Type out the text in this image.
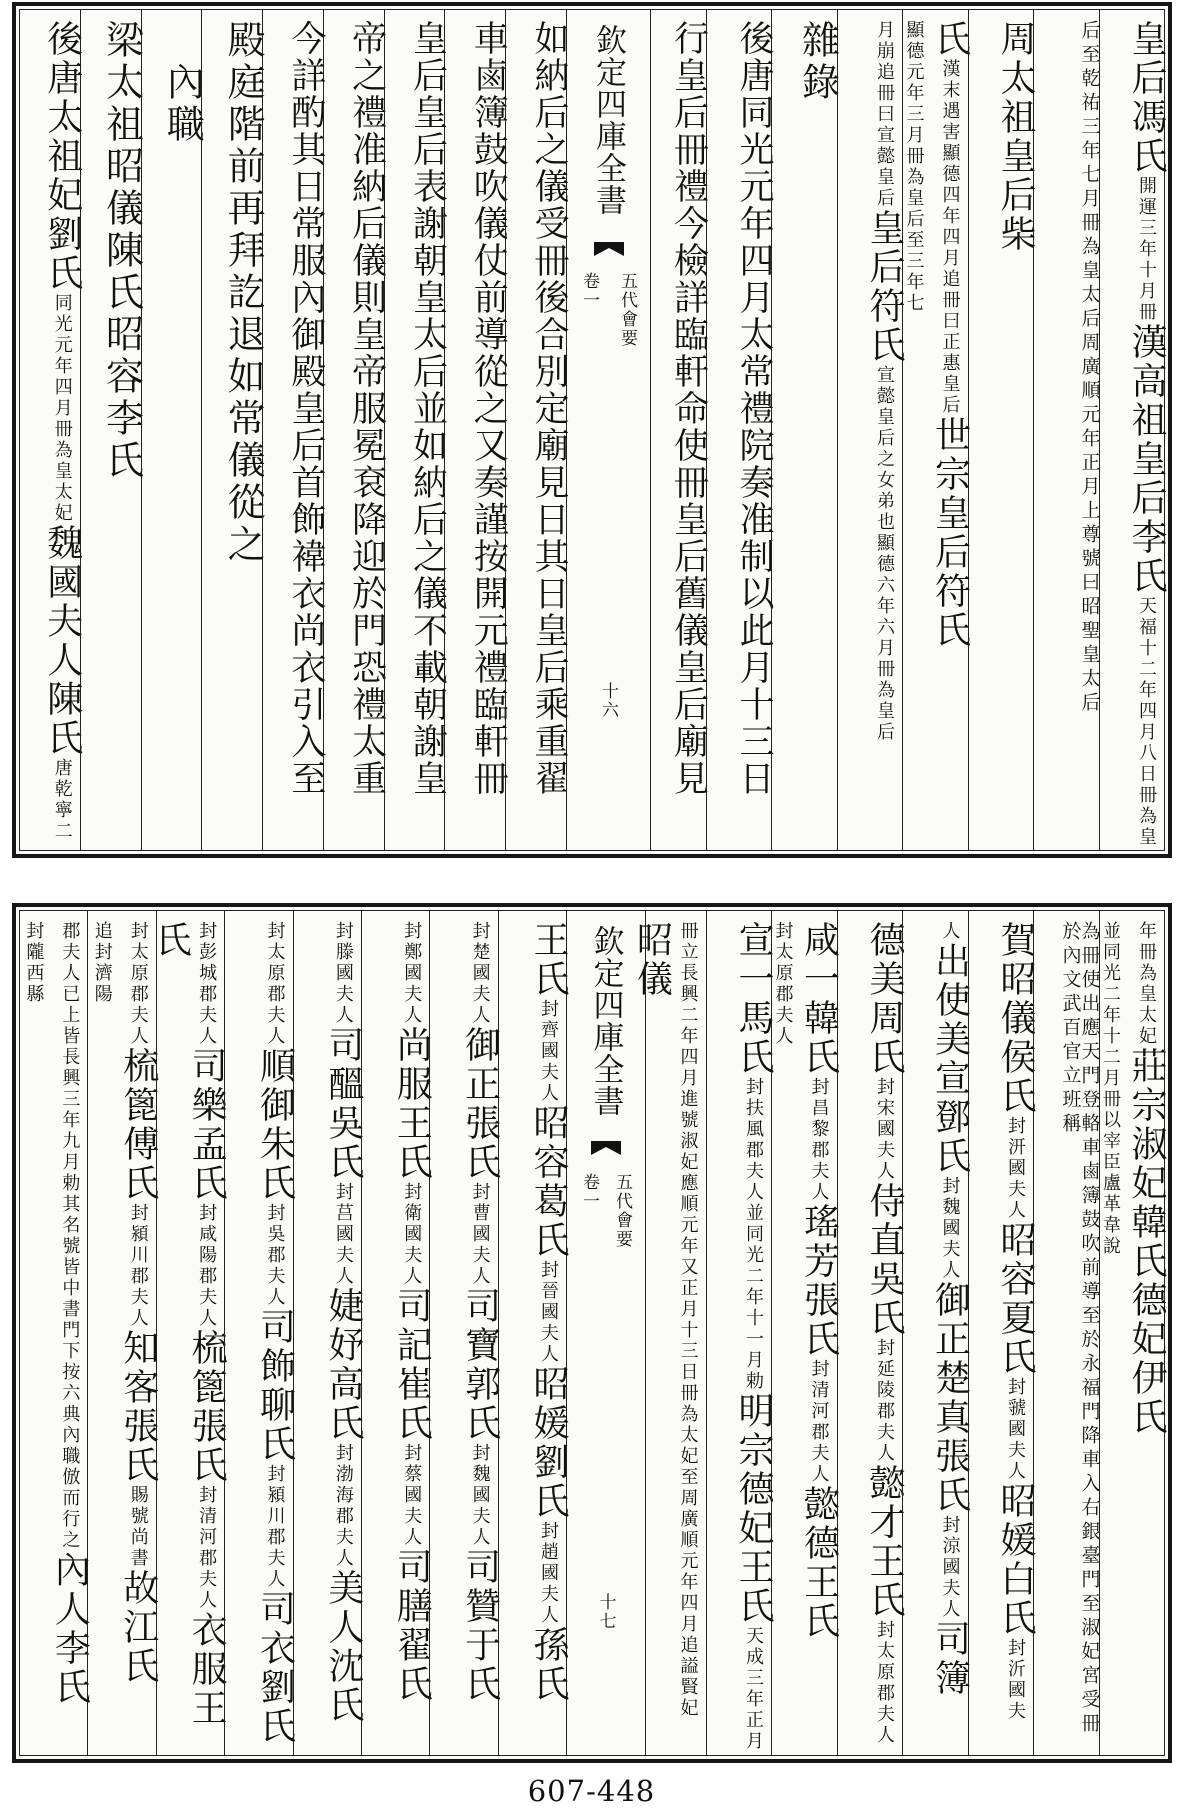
皇后馮氏開運三年十月冊漢高祖皇后李氏天福十二年四月八日冊為皇
后至乾祐三年七月冊為皇太后周廣順元年正月上尊號曰昭聖皇太后
周太祖皇后柴
氏漢末遇害顯德四年四月追冊曰正惠皇后世宗皇后符氏顯德元年三月冊為皇后至三年七
月崩追冊曰宣懿皇后皇后符氏宣懿皇后之女弟也顯德六年六月冊為皇后
雜錄
後唐同光元年四月太常禮院奏准制以此月十三日
行皇后冊禮今檢詳臨軒命使冊皇后舊儀皇后廟見
欽定四庫全書
卷一 五代會要
十六
如納后之儀受冊後合別定廟見日其日皇后乘重翟
車鹵簿鼓吹儀仗前導從之又奏謹按開元禮臨軒冊
皇后皇后表謝朝皇太后並如納后之儀不載朝謝皇
帝之禮准納后儀則皇帝服冕袞降迎於門恐禮太重
今詳酌其日常服內御殿皇后首飾褘衣尚衣引入至
殿庭階前再拜訖退如常儀從之
　內職
梁太祖昭儀陳氏昭容李氏
後唐太祖妃劉氏同光元年四月冊為皇太妃魏國夫人陳氏唐乾寧二
年冊為皇太妃莊宗淑妃韓氏德妃伊氏並同光二年十二月冊以宰臣盧革韋說
為冊使出應天門登輅車鹵簿鼓吹前導至於永福門降車入右銀臺門至淑妃宮受冊於內文武百官立班稱
賀昭儀侯氏封汧國夫人昭容夏氏封虢國夫人昭媛白氏封沂國夫
人出使美宣鄧氏封魏國夫人御正楚真張氏封涼國夫人司簿
德美周氏封宋國夫人侍直吳氏封延陵郡夫人懿才王氏封太原郡夫人
咸一韓氏封昌黎郡夫人瑤芳張氏封清河郡夫人懿德王氏封太原郡夫人
宣一馬氏封扶風郡夫人並同光二年十一月勅明宗德妃王氏天成三年正月
冊立長興二年四月進號淑妃應順元年又正月十三日冊為太妃至周廣順元年四月追謚賢妃昭儀
欽定四庫全書
卷一 五代會要
十七
王氏封齊國夫人昭容葛氏封晉國夫人昭媛劉氏封趙國夫人孫氏
封楚國夫人御正張氏封曹國夫人司寶郭氏封魏國夫人司贊于氏
封鄭國夫人尚服王氏封衛國夫人司記崔氏封蔡國夫人司膳翟氏
封滕國夫人司醞吳氏封莒國夫人婕妤高氏封渤海郡夫人美人沈氏
封太原郡夫人順御朱氏封吳郡夫人司飾聊氏封潁川郡夫人司衣劉氏
封彭城郡夫人司樂孟氏封咸陽郡夫人梳篦張氏封清河郡夫人衣服王氏
封太原郡夫人梳篦傅氏封潁川郡夫人知客張氏賜號尚書故江氏追封濟陽
郡夫人已上皆長興三年九月勅其名號皆中書門下按六典內職倣而行之內人李氏封隴西縣
607-448
